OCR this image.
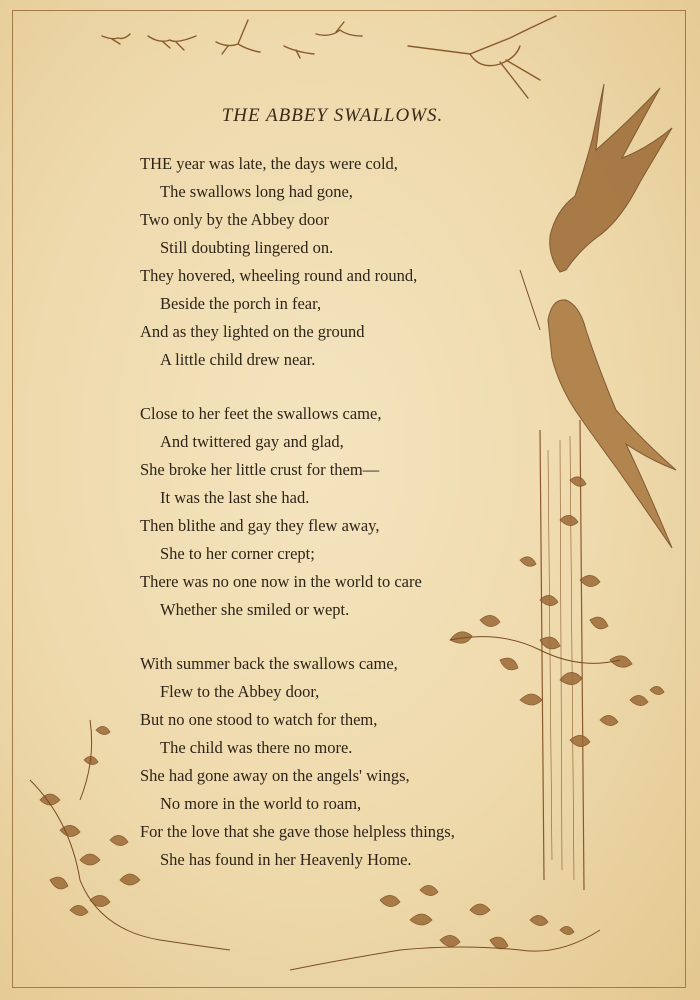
THE ABBEY SWALLOWS.
THE year was late, the days were cold,
The swallows long had gone,
Two only by the Abbey door
Still doubting lingered on.
They hovered, wheeling round and round,
Beside the porch in fear,
And as they lighted on the ground
A little child drew near.
Close to her feet the swallows came,
And twittered gay and glad,
She broke her little crust for them—
It was the last she had.
Then blithe and gay they flew away,
She to her corner crept;
There was no one now in the world to care
Whether she smiled or wept.
With summer back the swallows came,
Flew to the Abbey door,
But no one stood to watch for them,
The child was there no more.
She had gone away on the angels' wings,
No more in the world to roam,
For the love that she gave those helpless things,
She has found in her Heavenly Home.
